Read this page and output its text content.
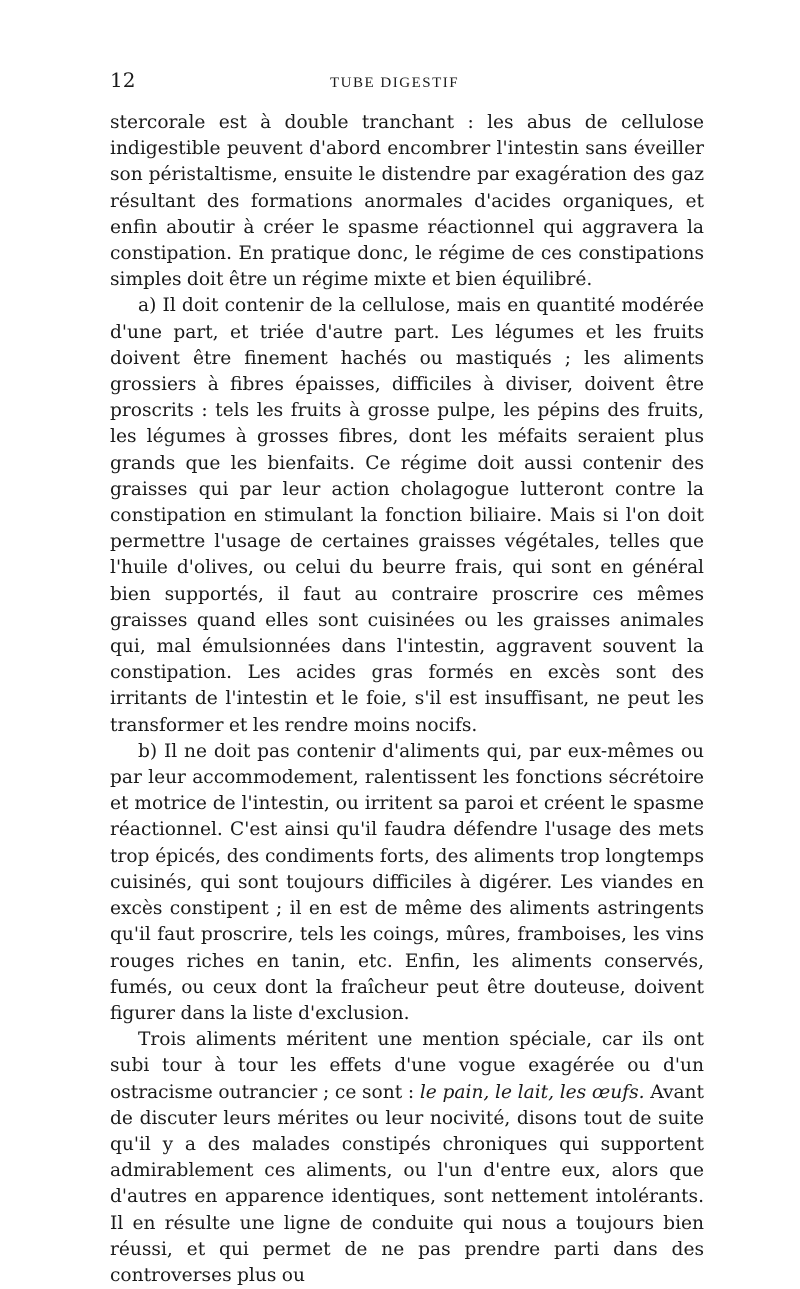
12	TUBE DIGESTIF

stercorale est à double tranchant : les abus de cellulose indigestible peuvent d'abord encombrer l'intestin sans éveiller son péristaltisme, ensuite le distendre par exagération des gaz résultant des formations anormales d'acides organiques, et enfin aboutir à créer le spasme réactionnel qui aggravera la constipation. En pratique donc, le régime de ces constipations simples doit être un régime mixte et bien équilibré.

a) Il doit contenir de la cellulose, mais en quantité modérée d'une part, et triée d'autre part. Les légumes et les fruits doivent être finement hachés ou mastiqués ; les aliments grossiers à fibres épaisses, difficiles à diviser, doivent être proscrits : tels les fruits à grosse pulpe, les pépins des fruits, les légumes à grosses fibres, dont les méfaits seraient plus grands que les bienfaits. Ce régime doit aussi contenir des graisses qui par leur action cholagogue lutteront contre la constipation en stimulant la fonction biliaire. Mais si l'on doit permettre l'usage de certaines graisses végétales, telles que l'huile d'olives, ou celui du beurre frais, qui sont en général bien supportés, il faut au contraire proscrire ces mêmes graisses quand elles sont cuisinées ou les graisses animales qui, mal émulsionnées dans l'intestin, aggravent souvent la constipation. Les acides gras formés en excès sont des irritants de l'intestin et le foie, s'il est insuffisant, ne peut les transformer et les rendre moins nocifs.

b) Il ne doit pas contenir d'aliments qui, par eux-mêmes ou par leur accommodement, ralentissent les fonctions sécrétoire et motrice de l'intestin, ou irritent sa paroi et créent le spasme réactionnel. C'est ainsi qu'il faudra défendre l'usage des mets trop épicés, des condiments forts, des aliments trop longtemps cuisinés, qui sont toujours difficiles à digérer. Les viandes en excès constipent ; il en est de même des aliments astringents qu'il faut proscrire, tels les coings, mûres, framboises, les vins rouges riches en tanin, etc. Enfin, les aliments conservés, fumés, ou ceux dont la fraîcheur peut être douteuse, doivent figurer dans la liste d'exclusion.

Trois aliments méritent une mention spéciale, car ils ont subi tour à tour les effets d'une vogue exagérée ou d'un ostracisme outrancier ; ce sont : le pain, le lait, les œufs. Avant de discuter leurs mérites ou leur nocivité, disons tout de suite qu'il y a des malades constipés chroniques qui supportent admirablement ces aliments, ou l'un d'entre eux, alors que d'autres en apparence identiques, sont nettement intolérants. Il en résulte une ligne de conduite qui nous a toujours bien réussi, et qui permet de ne pas prendre parti dans des controverses plus ou
